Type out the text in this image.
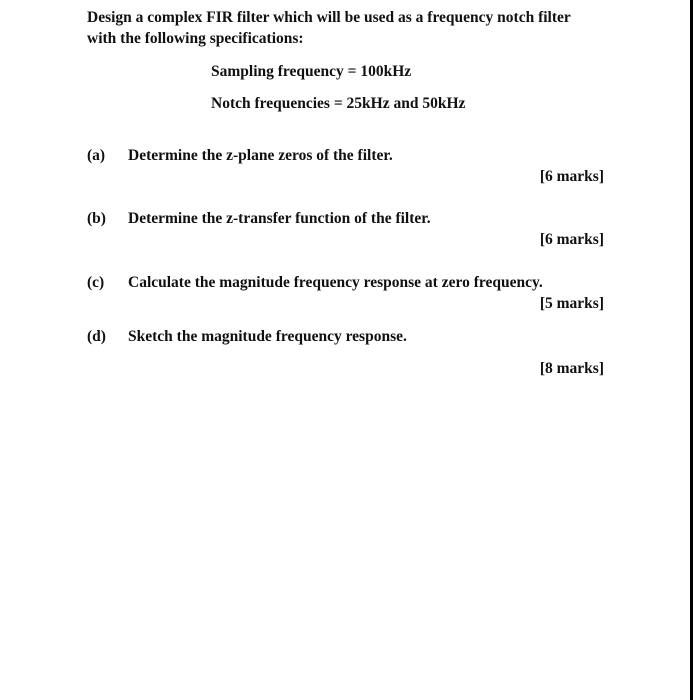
Design a complex FIR filter which will be used as a frequency notch filter
with the following specifications:
Sampling frequency = 100kHz
Notch frequencies = 25kHz and 50kHz
(a) Determine the z-plane zeros of the filter.
[6 marks]
(b) Determine the z-transfer function of the filter.
[6 marks]
(c) Calculate the magnitude frequency response at zero frequency.
[5 marks]
(d) Sketch the magnitude frequency response.
[8 marks]
